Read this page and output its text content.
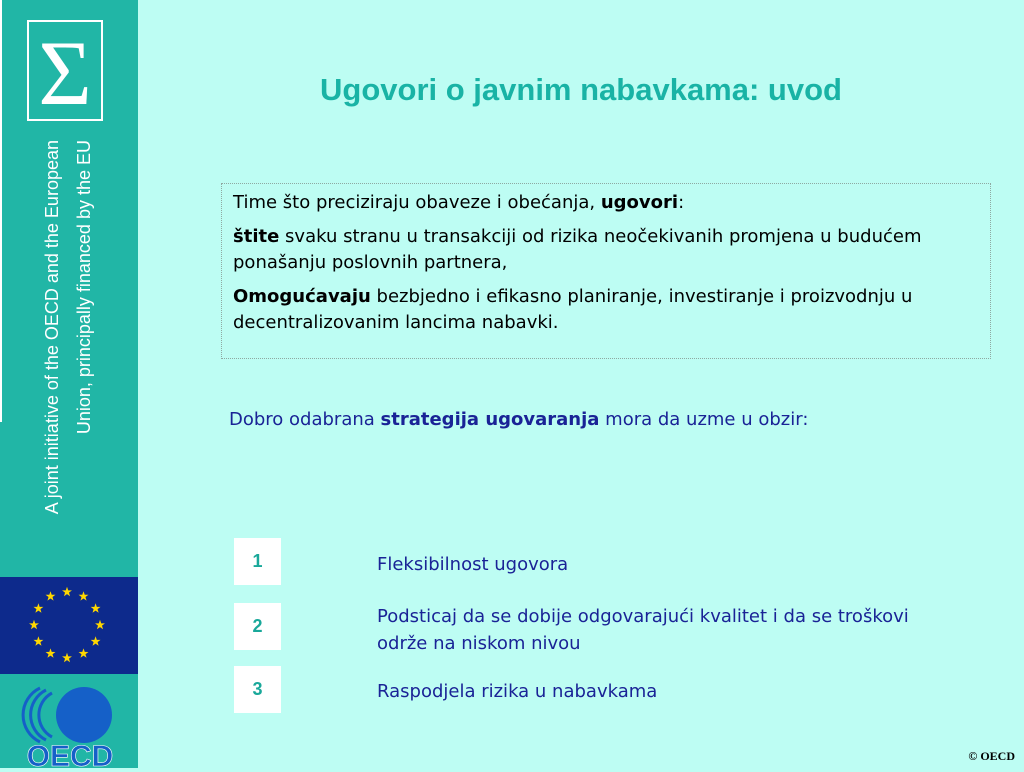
Σ
A joint initiative of the OECD and the European Union, principally financed by the EU
OECD
Ugovori o javnim nabavkama: uvod

Time što preciziraju obaveze i obećanja, ugovori:

štite svaku stranu u transakciji od rizika neočekivanih promjena u budućem ponašanju poslovnih partnera,

Omogućavaju bezbjedno i efikasno planiranje, investiranje i proizvodnju u decentralizovanim lancima nabavki.

Dobro odabrana strategija ugovaranja mora da uzme u obzir:
1	Fleksibilnost ugovora
2	Podsticaj da se dobije odgovarajući kvalitet i da se troškovi održe na niskom nivou
3	Raspodjela rizika u nabavkama
© OECD
